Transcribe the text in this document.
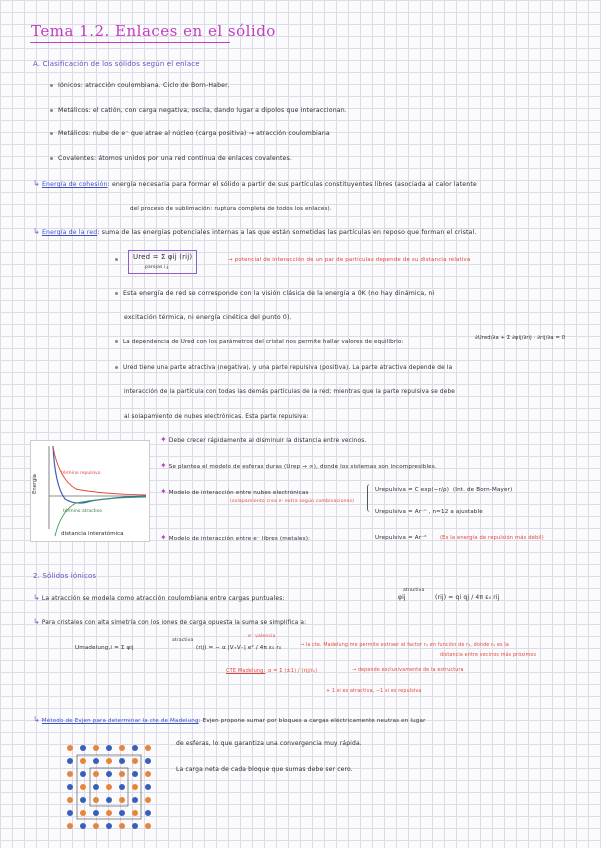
Tema 1.2. Enlaces en el sólido
A. Clasificación de los sólidos según el enlace
Iónicos: atracción coulombiana. Ciclo de Born-Haber.
Metálicos: el catión, con carga negativa, oscila, dando lugar a dipolos que interaccionan.
Metálicos: nube de e⁻ que atrae al núcleo (carga positiva) → atracción coulombiana
Covalentes: átomos unidos por una red continua de enlaces covalentes.
↳ Energía de cohesión: energía necesaria para formar el sólido a partir de sus partículas constituyentes libres (asociada al calor latente
del proceso de sublimación: ruptura completa de todos los enlaces).
↳ Energía de la red: suma de las energías potenciales internas a las que están sometidas las partículas en reposo que forman el cristal.
Ured = Σ φij (rij)
parejas i,j
→ potencial de interacción de un par de partículas depende de su distancia relativa
Esta energía de red se corresponde con la visión clásica de la energía a 0K (no hay dinámica, ni
excitación térmica, ni energía cinética del punto 0).
La dependencia de Ured con los parámetros del cristal nos permite hallar valores de equilibrio:
∂Ured/∂a + Σ ∂φij/∂rij · ∂rij/∂a = 0
Ured tiene una parte atractiva (negativa), y una parte repulsiva (positiva). La parte atractiva depende de la
interacción de la partícula con todas las demás partículas de la red; mientras que la parte repulsiva se debe
al solapamiento de nubes electrónicas. Esta parte repulsiva:
término repulsivo
término atractivo
Energía
distancia interatómica
✦ Debe crecer rápidamente al disminuir la distancia entre vecinos.
✦ Se plantea el modelo de esferas duras (Urep → ∞), donde los sistemas son incompresibles.
✦ Modelo de interacción entre nubes electrónicas
(solapamiento crea e- extra según combinaciones)
Urepulsiva = C exp(−r/ρ) (Int. de Born-Mayer)
Urepulsiva = Ar⁻ⁿ , n≈12 a ajustable
✦ Modelo de interacción entre e⁻ libres (metales):	Urepulsiva = Ar⁻²	(Es la energía de repulsión más débil)
2. Sólidos iónicos
↳ La atracción se modela como atracción coulombiana entre cargas puntuales:	φij
atractiva
(rij) = qi qj / 4π ε₀ rij
↳ Para cristales con alta simetría con los iones de carga opuesta la suma se simplifica a:
Umadelung,i = Σ φij
atractiva
(rij) = − α |V₊V₋| e² / 4π ε₀ r₀
e⁻ valencia
→ la cte. Madelung me permite extraer el factor r₀ en función de r₀, donde r₀ es la
distancia entre vecinos más próximos
CTE Madelung: α = Σ (±1) / (rij/r₀)	→ depende exclusivamente de la estructura
+ 1 si es atractiva, −1 si es repulsiva
↳ Método de Evjen para determinar la cte de Madelung: Evjen propone sumar por bloques a cargas eléctricamente neutras en lugar
de esferas, lo que garantiza una convergencia muy rápida.
La carga neta de cada bloque que sumas debe ser cero.
